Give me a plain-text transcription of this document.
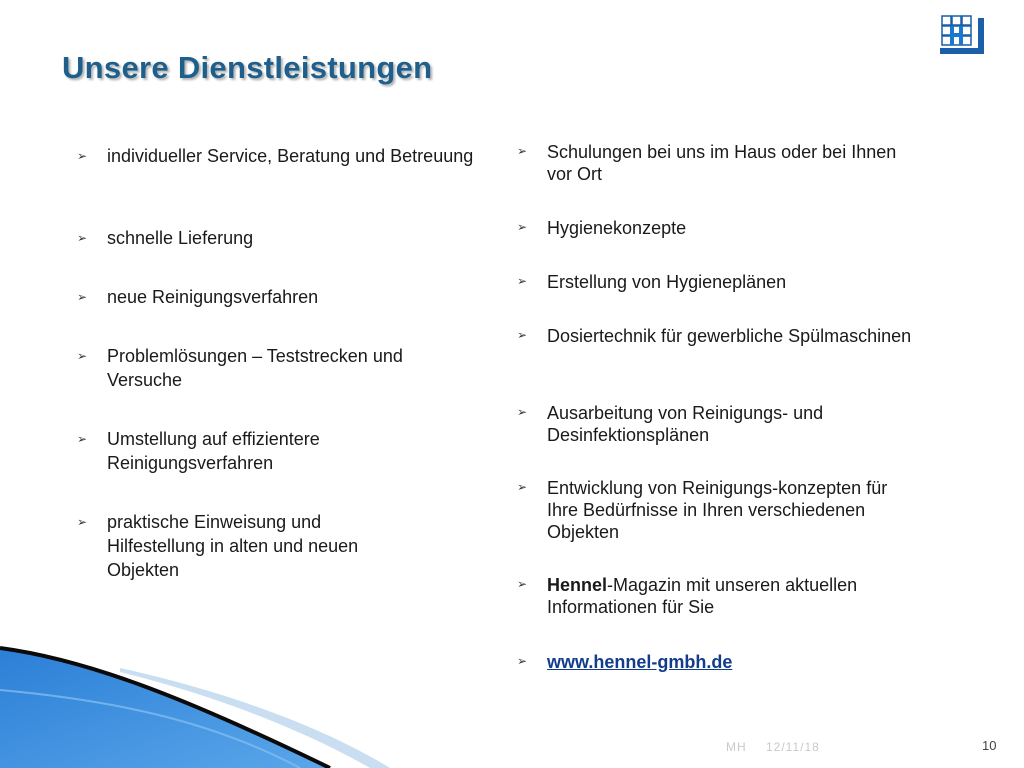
Unsere Dienstleistungen
➢ individueller Service, Beratung und Betreuung
➢ schnelle Lieferung
➢ neue Reinigungsverfahren
➢ Problemlösungen – Teststrecken und Versuche
➢ Umstellung auf effizientere Reinigungsverfahren
➢ praktische Einweisung und Hilfestellung in alten und neuen Objekten
➢ Schulungen bei uns im Haus oder bei Ihnen vor Ort
➢ Hygienekonzepte
➢ Erstellung von Hygieneplänen
➢ Dosiertechnik für gewerbliche Spülmaschinen
➢ Ausarbeitung von Reinigungs- und Desinfektionsplänen
➢ Entwicklung von Reinigungs-konzepten für Ihre Bedürfnisse in Ihren verschiedenen Objekten
➢ Hennel-Magazin mit unseren aktuellen Informationen für Sie
➢ www.hennel-gmbh.de
MH 12/11/18	10
